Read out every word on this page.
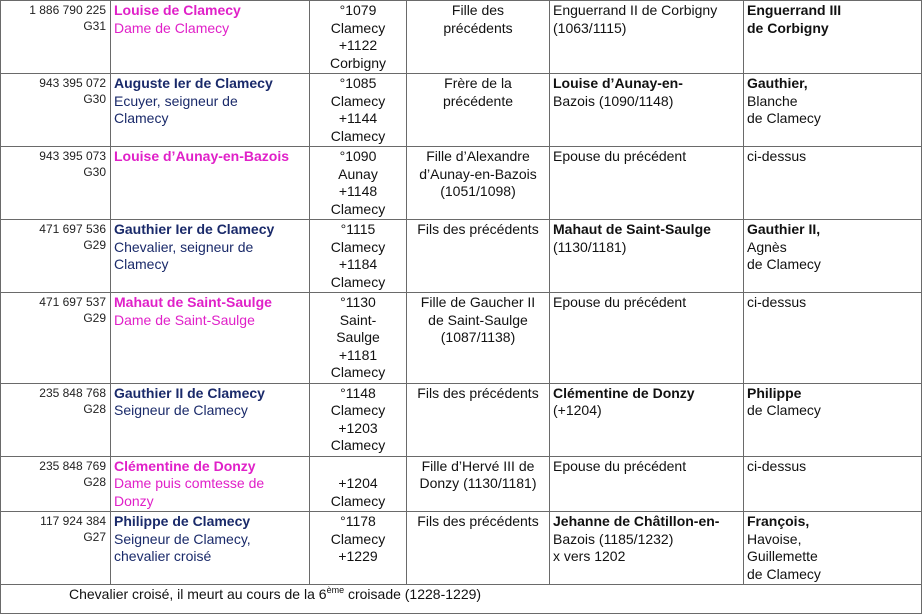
1 886 790 225
G31	Louise de Clamecy
Dame de Clamecy	°1079
Clamecy
+1122
Corbigny	Fille des
précédents	Enguerrand II de Corbigny
(1063/1115)	Enguerrand III
de Corbigny

943 395 072
G30	Auguste Ier de Clamecy
Ecuyer, seigneur de
Clamecy	°1085
Clamecy
+1144
Clamecy	Frère de la
précédente	Louise d’Aunay-en-
Bazois (1090/1148)	Gauthier,
Blanche
de Clamecy

943 395 073
G30	Louise d’Aunay-en-Bazois	°1090
Aunay
+1148
Clamecy	Fille d’Alexandre
d’Aunay-en-Bazois
(1051/1098)	Epouse du précédent	ci-dessus

471 697 536
G29	Gauthier Ier de Clamecy
Chevalier, seigneur de
Clamecy	°1115
Clamecy
+1184
Clamecy	Fils des précédents	Mahaut de Saint-Saulge
(1130/1181)	Gauthier II,
Agnès
de Clamecy

471 697 537
G29	Mahaut de Saint-Saulge
Dame de Saint-Saulge	°1130
Saint-
Saulge
+1181
Clamecy	Fille de Gaucher II
de Saint-Saulge
(1087/1138)	Epouse du précédent	ci-dessus

235 848 768
G28	Gauthier II de Clamecy
Seigneur de Clamecy	°1148
Clamecy
+1203
Clamecy	Fils des précédents	Clémentine de Donzy
(+1204)	Philippe
de Clamecy

235 848 769
G28	Clémentine de Donzy
Dame puis comtesse de
Donzy	+1204
Clamecy	Fille d’Hervé III de
Donzy (1130/1181)	Epouse du précédent	ci-dessus

117 924 384
G27	Philippe de Clamecy
Seigneur de Clamecy,
chevalier croisé	°1178
Clamecy
+1229	Fils des précédents	Jehanne de Châtillon-en-
Bazois (1185/1232)
x vers 1202	François,
Havoise,
Guillemette
de Clamecy

Chevalier croisé, il meurt au cours de la 6ème croisade (1228-1229)					
